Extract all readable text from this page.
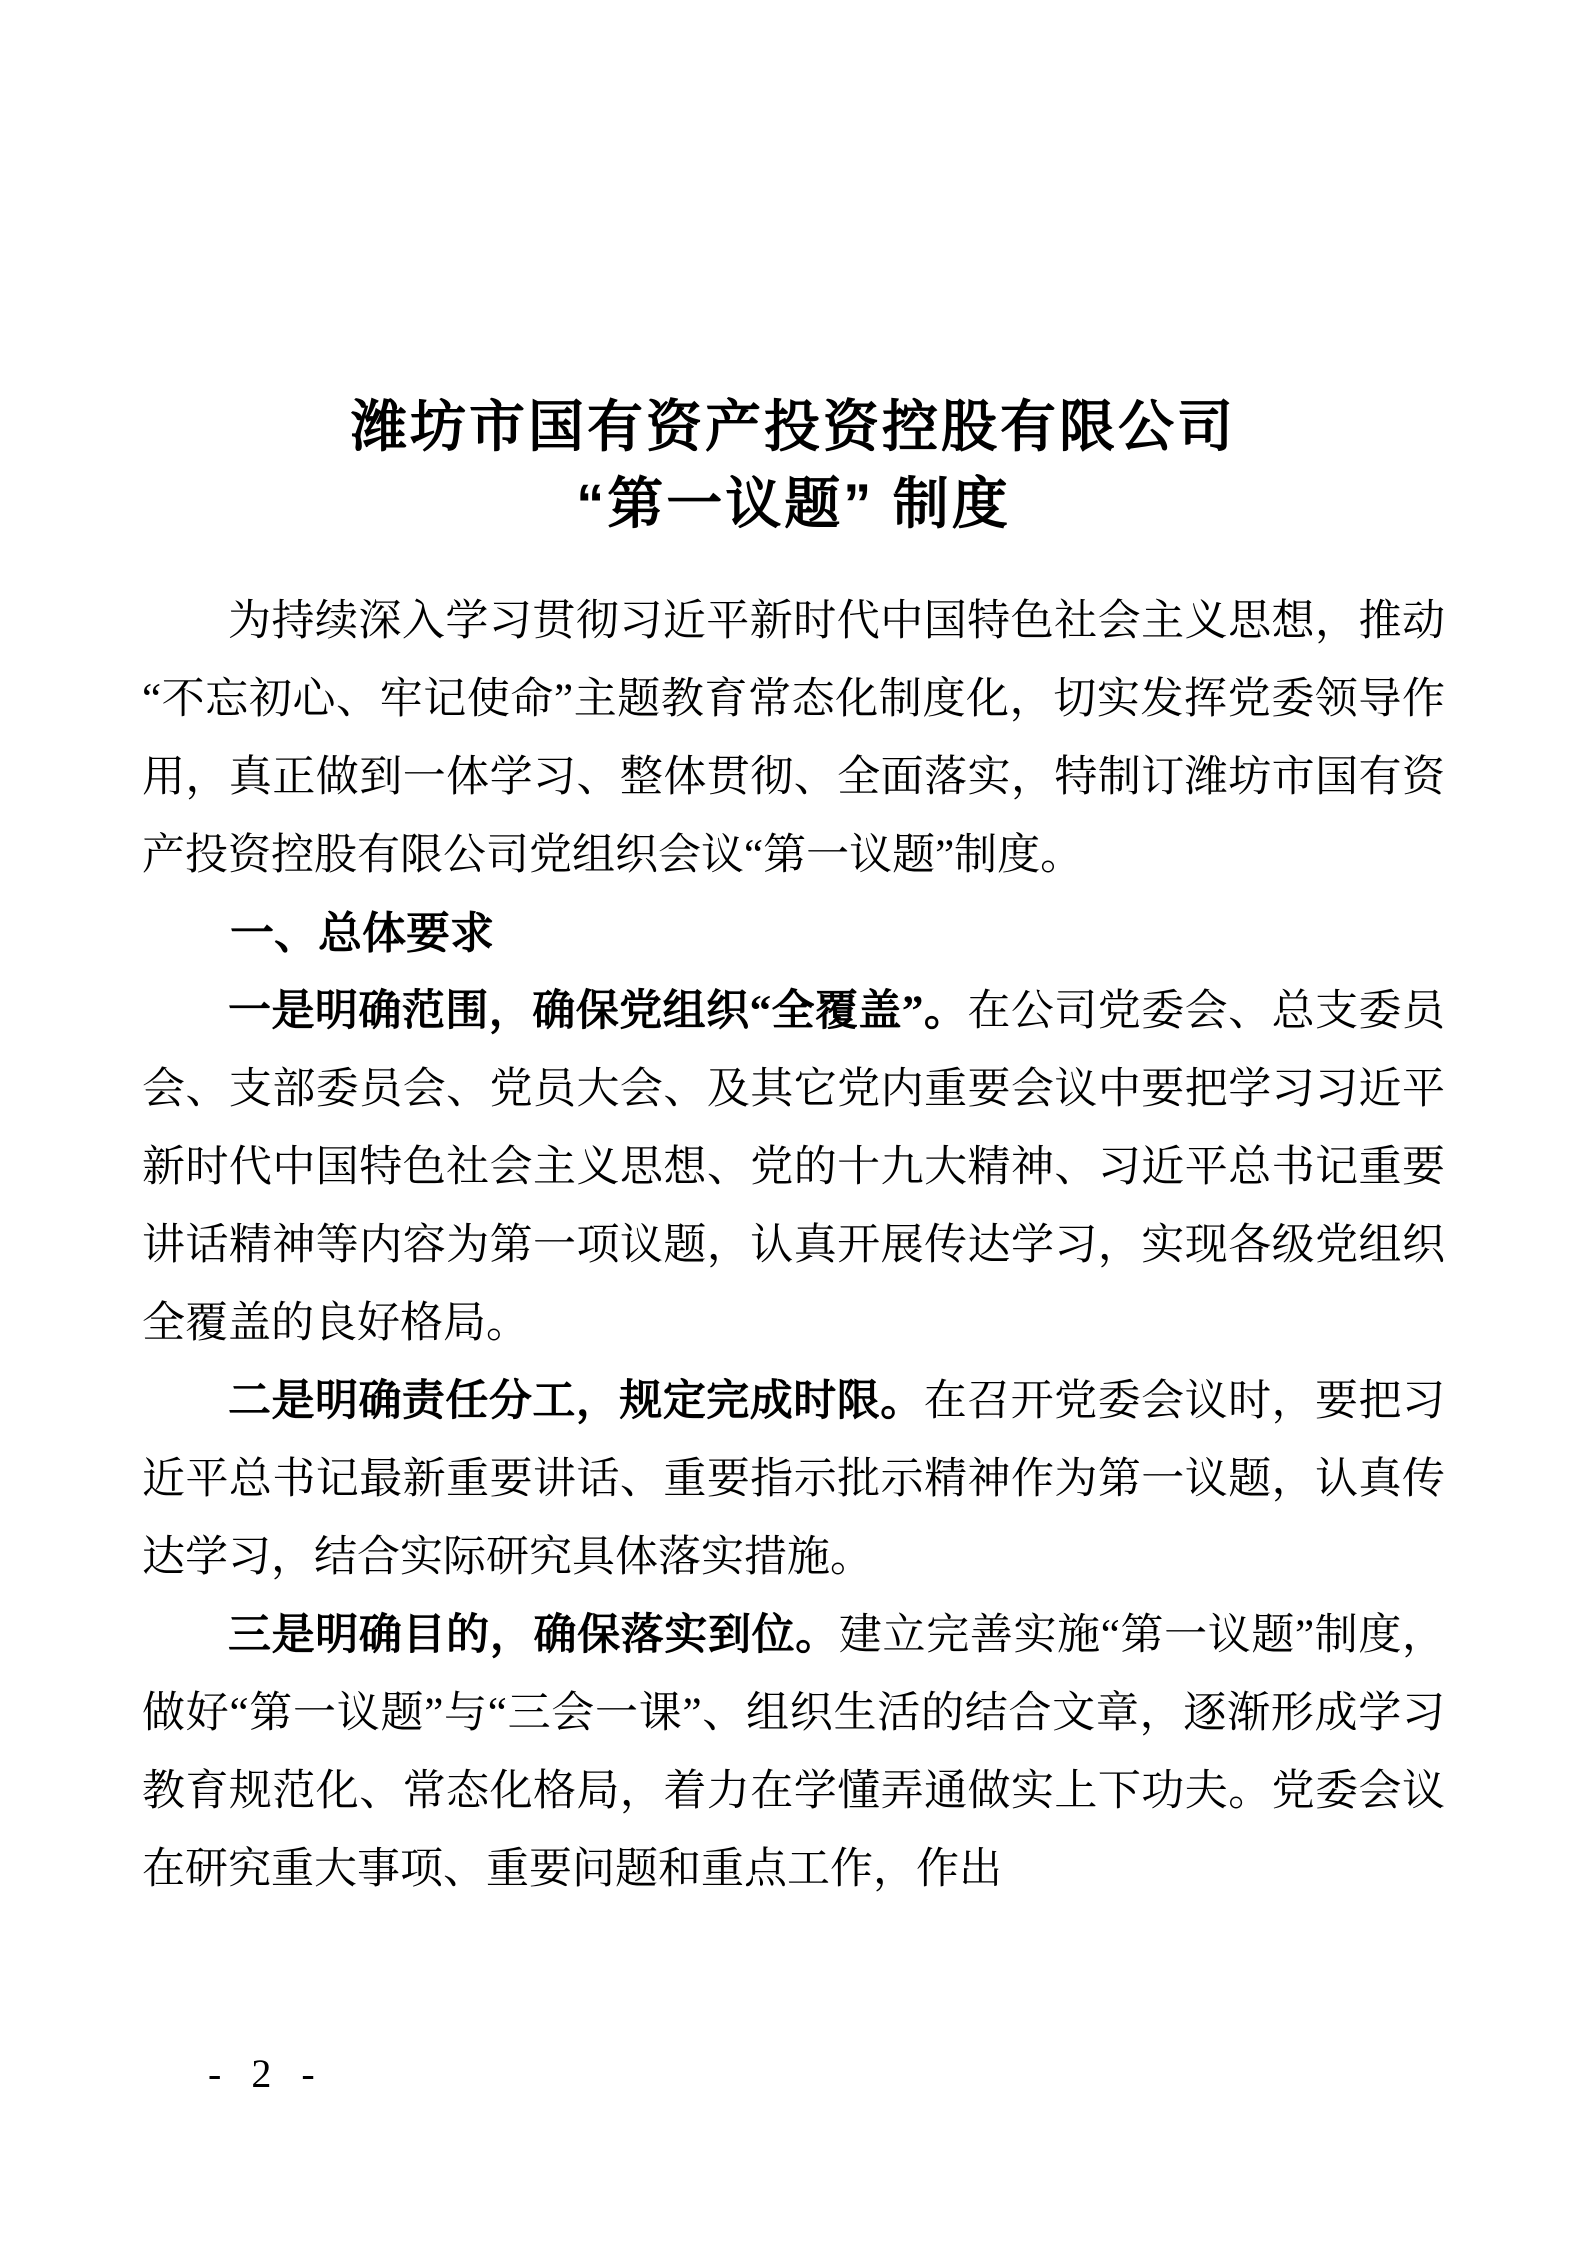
潍坊市国有资产投资控股有限公司
“第一议题” 制度

为持续深入学习贯彻习近平新时代中国特色社会主义思想，推动“不忘初心、牢记使命”主题教育常态化制度化，切实发挥党委领导作用，真正做到一体学习、整体贯彻、全面落实，特制订潍坊市国有资产投资控股有限公司党组织会议“第一议题”制度。

一、总体要求

一是明确范围，确保党组织“全覆盖”。在公司党委会、总支委员会、支部委员会、党员大会、及其它党内重要会议中要把学习习近平新时代中国特色社会主义思想、党的十九大精神、习近平总书记重要讲话精神等内容为第一项议题，认真开展传达学习，实现各级党组织全覆盖的良好格局。

二是明确责任分工，规定完成时限。在召开党委会议时，要把习近平总书记最新重要讲话、重要指示批示精神作为第一议题，认真传达学习，结合实际研究具体落实措施。

三是明确目的，确保落实到位。建立完善实施“第一议题”制度，做好“第一议题”与“三会一课”、组织生活的结合文章，逐渐形成学习教育规范化、常态化格局，着力在学懂弄通做实上下功夫。党委会议在研究重大事项、重要问题和重点工作，作出

- 2 -
